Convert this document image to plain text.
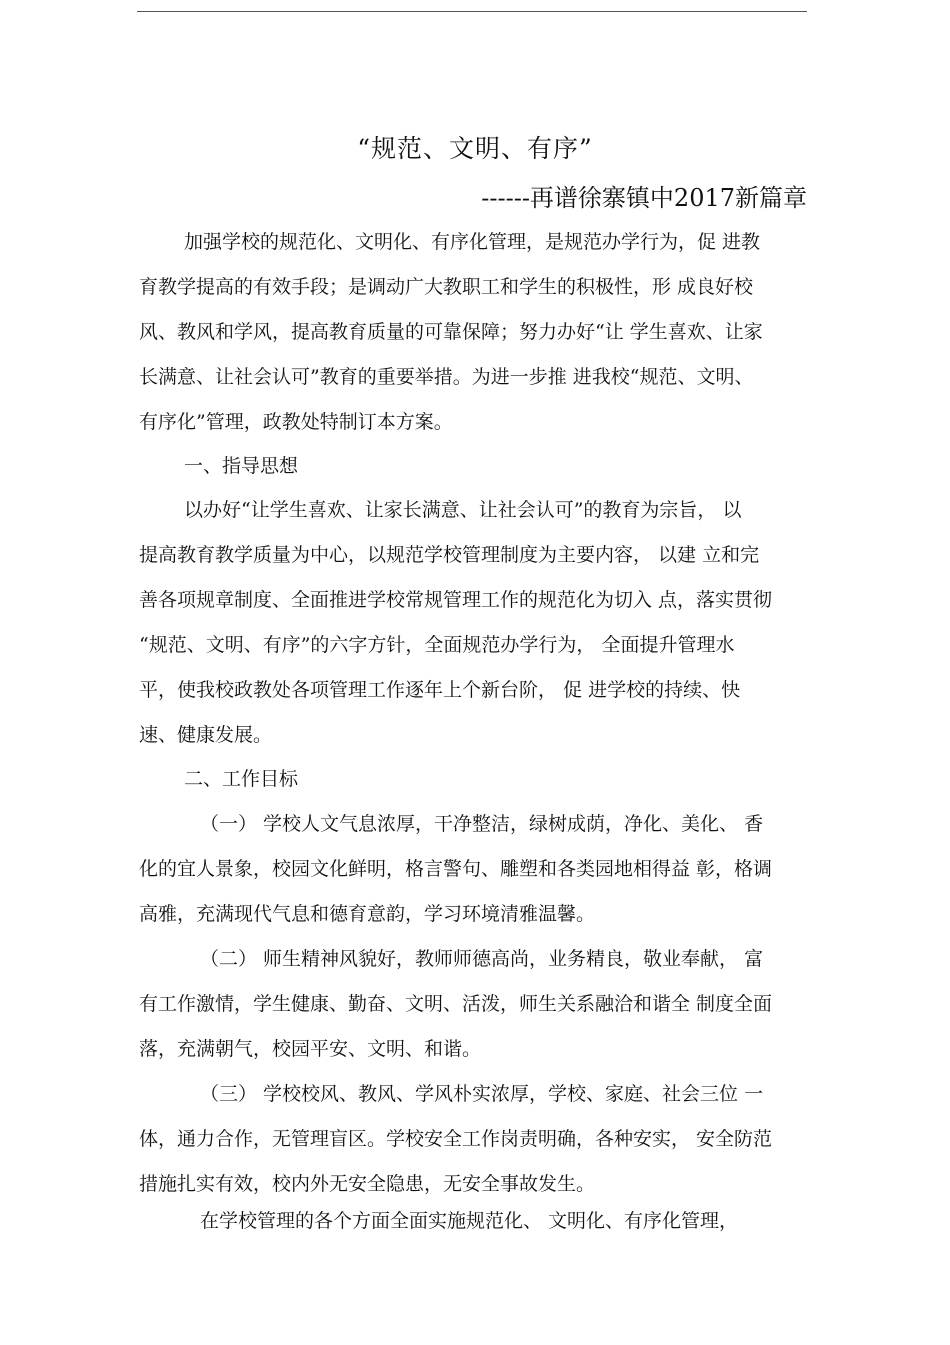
“规范、文明、有序”
------再谱徐寨镇中2017新篇章
加强学校的规范化、文明化、有序化管理，是规范办学行为，促 进教
育教学提高的有效手段；是调动广大教职工和学生的积极性，形 成良好校
风、教风和学风，提高教育质量的可靠保障；努力办好“让 学生喜欢、让家
长满意、让社会认可”教育的重要举措。为进一步推 进我校“规范、文明、
有序化”管理，政教处特制订本方案。
一、指导思想
以办好“让学生喜欢、让家长满意、让社会认可”的教育为宗旨， 以
提高教育教学质量为中心，以规范学校管理制度为主要内容， 以建 立和完
善各项规章制度、全面推进学校常规管理工作的规范化为切入 点，落实贯彻
“规范、文明、有序”的六字方针，全面规范办学行为， 全面提升管理水
平，使我校政教处各项管理工作逐年上个新台阶， 促 进学校的持续、快
速、健康发展。
二、工作目标
（一） 学校人文气息浓厚，干净整洁，绿树成荫，净化、美化、 香
化的宜人景象，校园文化鲜明，格言警句、雕塑和各类园地相得益 彰，格调
高雅，充满现代气息和德育意韵，学习环境清雅温馨。
（二） 师生精神风貌好，教师师德高尚，业务精良，敬业奉献， 富
有工作激情，学生健康、勤奋、文明、活泼，师生关系融洽和谐全 制度全面
落，充满朝气，校园平安、文明、和谐。
（三） 学校校风、教风、学风朴实浓厚，学校、家庭、社会三位 一
体，通力合作，无管理盲区。学校安全工作岗责明确，各种安实， 安全防范
措施扎实有效，校内外无安全隐患，无安全事故发生。
在学校管理的各个方面全面实施规范化、 文明化、有序化管理，
